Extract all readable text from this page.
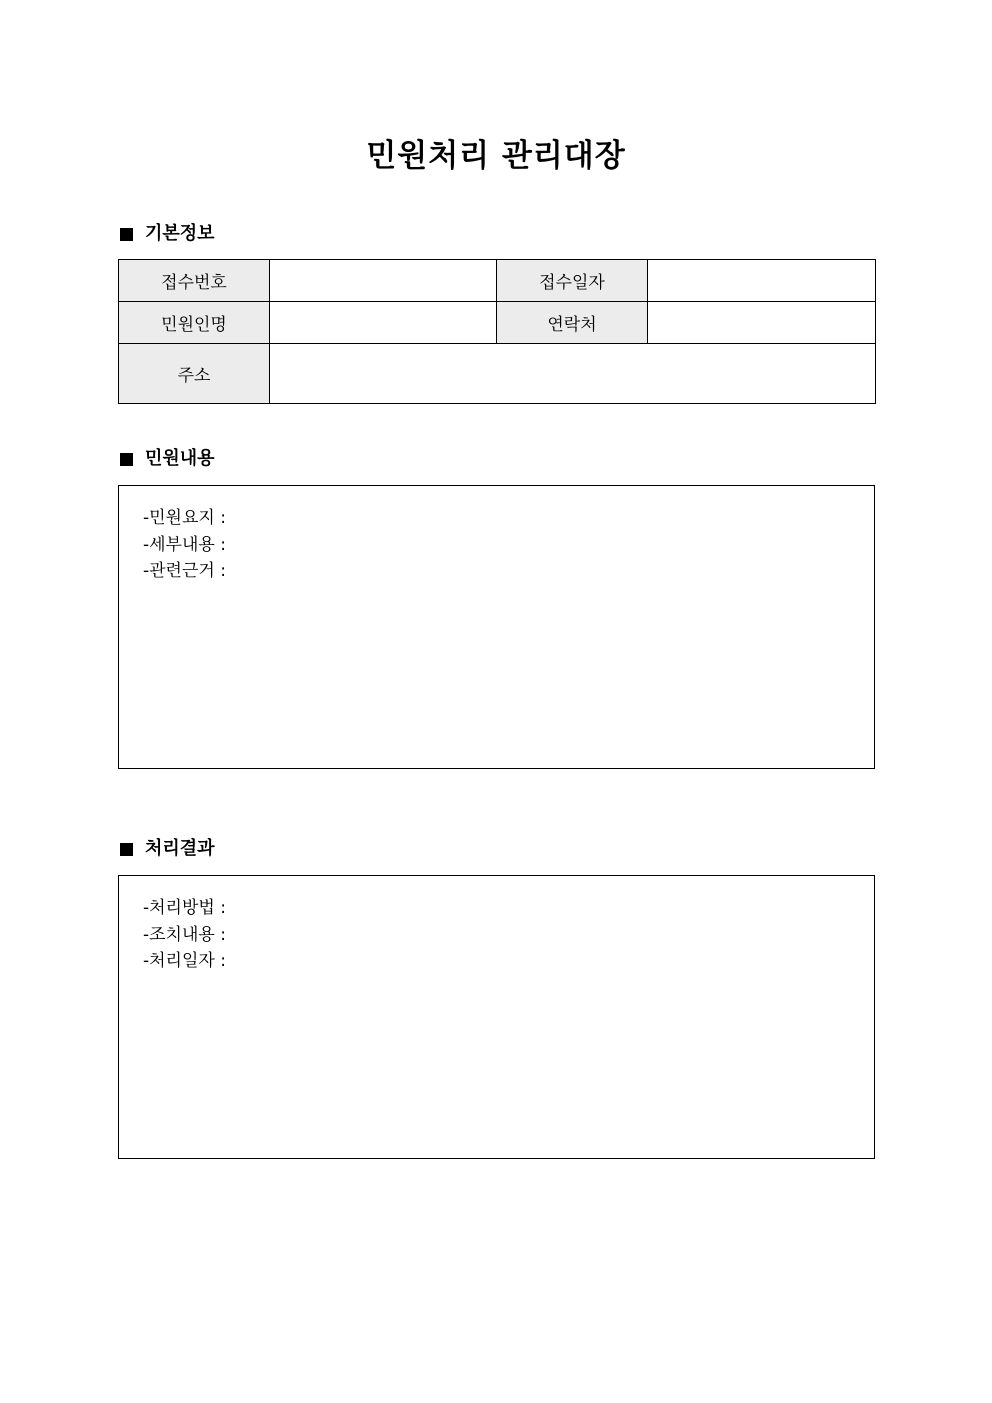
민원처리 관리대장
기본정보
접수번호		접수일자	
민원인명		연락처	
주소			
민원내용
-민원요지 :
-세부내용 :
-관련근거 :
처리결과
-처리방법 :
-조치내용 :
-처리일자 :
